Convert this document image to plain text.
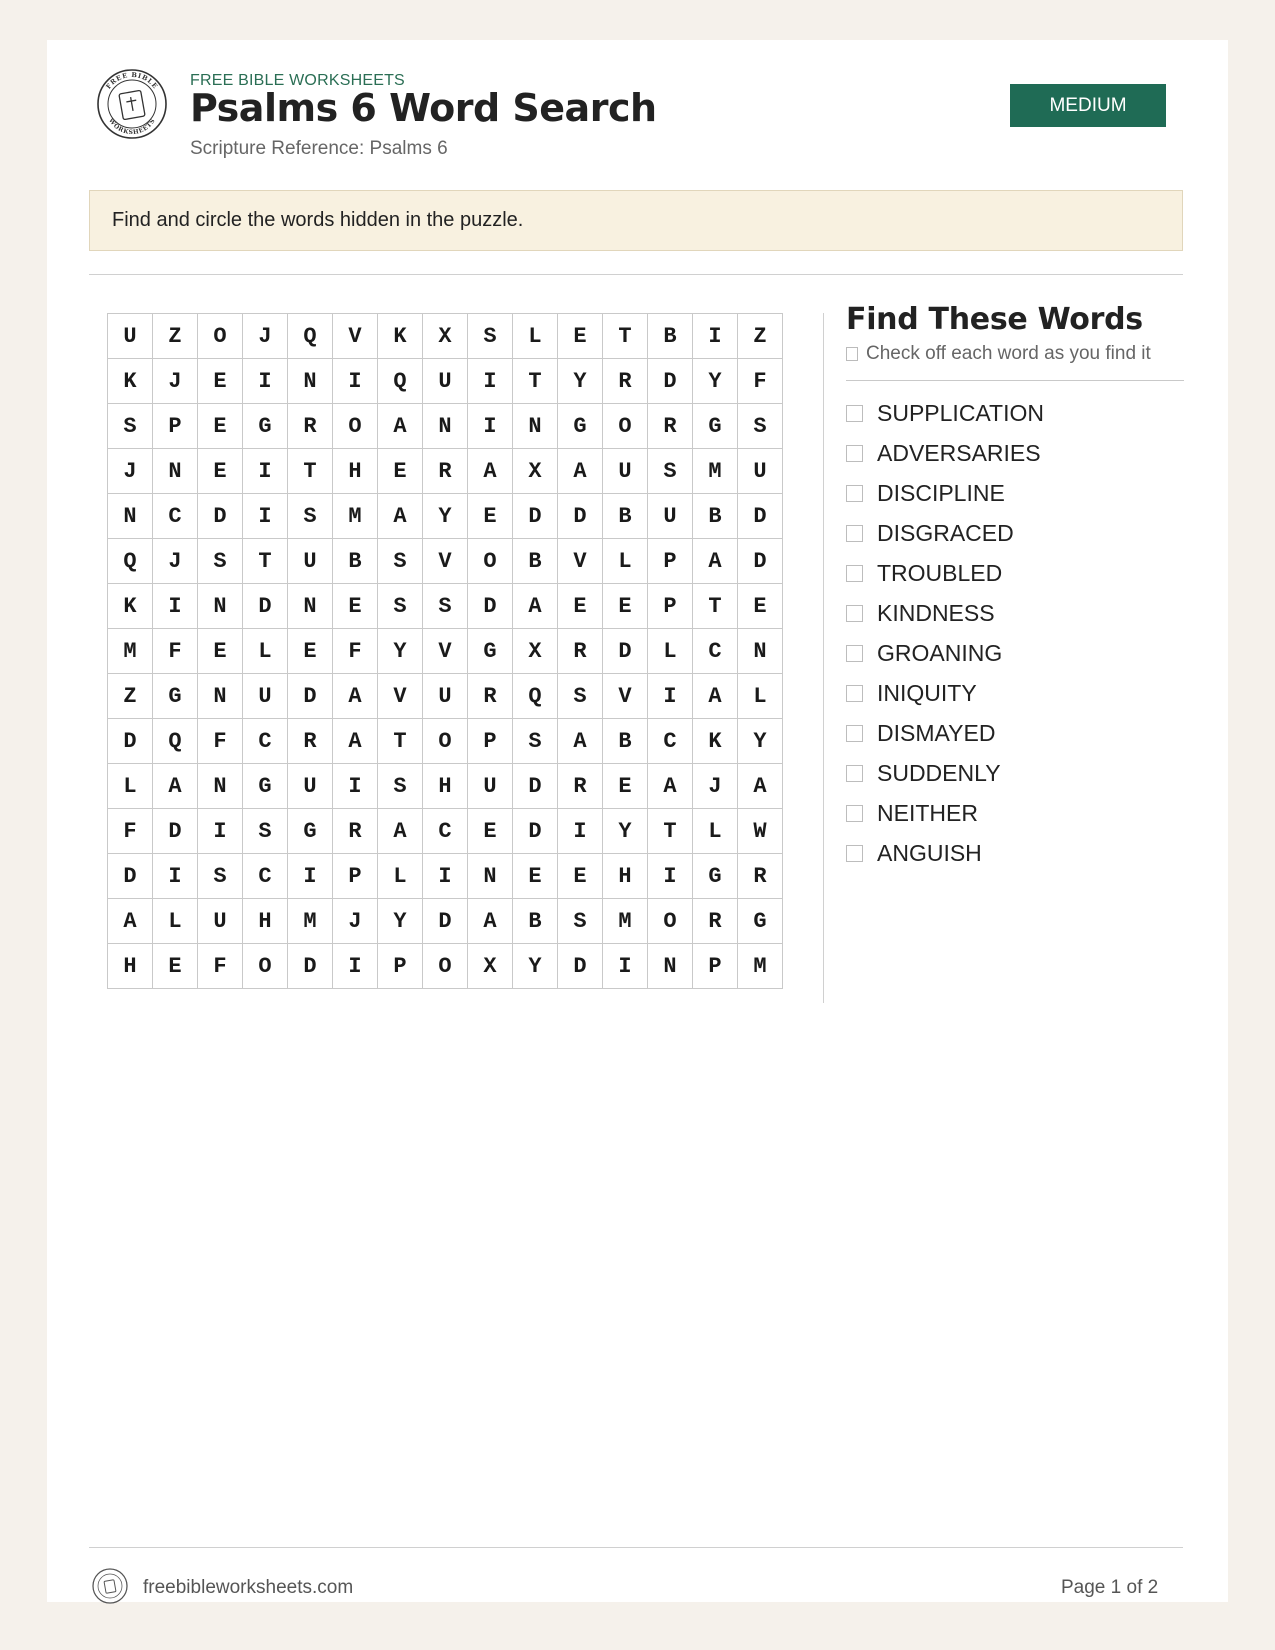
FREE BIBLE
WORKSHEETS
FREE BIBLE WORKSHEETS
Psalms 6 Word Search
Scripture Reference: Psalms 6
MEDIUM
Find and circle the words hidden in the puzzle.
U	Z	O	J	Q	V	K	X	S	L	E	T	B	I	Z
K	J	E	I	N	I	Q	U	I	T	Y	R	D	Y	F
S	P	E	G	R	O	A	N	I	N	G	O	R	G	S
J	N	E	I	T	H	E	R	A	X	A	U	S	M	U
N	C	D	I	S	M	A	Y	E	D	D	B	U	B	D
Q	J	S	T	U	B	S	V	O	B	V	L	P	A	D
K	I	N	D	N	E	S	S	D	A	E	E	P	T	E
M	F	E	L	E	F	Y	V	G	X	R	D	L	C	N
Z	G	N	U	D	A	V	U	R	Q	S	V	I	A	L
D	Q	F	C	R	A	T	O	P	S	A	B	C	K	Y
L	A	N	G	U	I	S	H	U	D	R	E	A	J	A
F	D	I	S	G	R	A	C	E	D	I	Y	T	L	W
D	I	S	C	I	P	L	I	N	E	E	H	I	G	R
A	L	U	H	M	J	Y	D	A	B	S	M	O	R	G
H	E	F	O	D	I	P	O	X	Y	D	I	N	P	M
Find These Words
Check off each word as you find it
SUPPLICATION
ADVERSARIES
DISCIPLINE
DISGRACED
TROUBLED
KINDNESS
GROANING
INIQUITY
DISMAYED
SUDDENLY
NEITHER
ANGUISH
freebibleworksheets.com	Page 1 of 2
